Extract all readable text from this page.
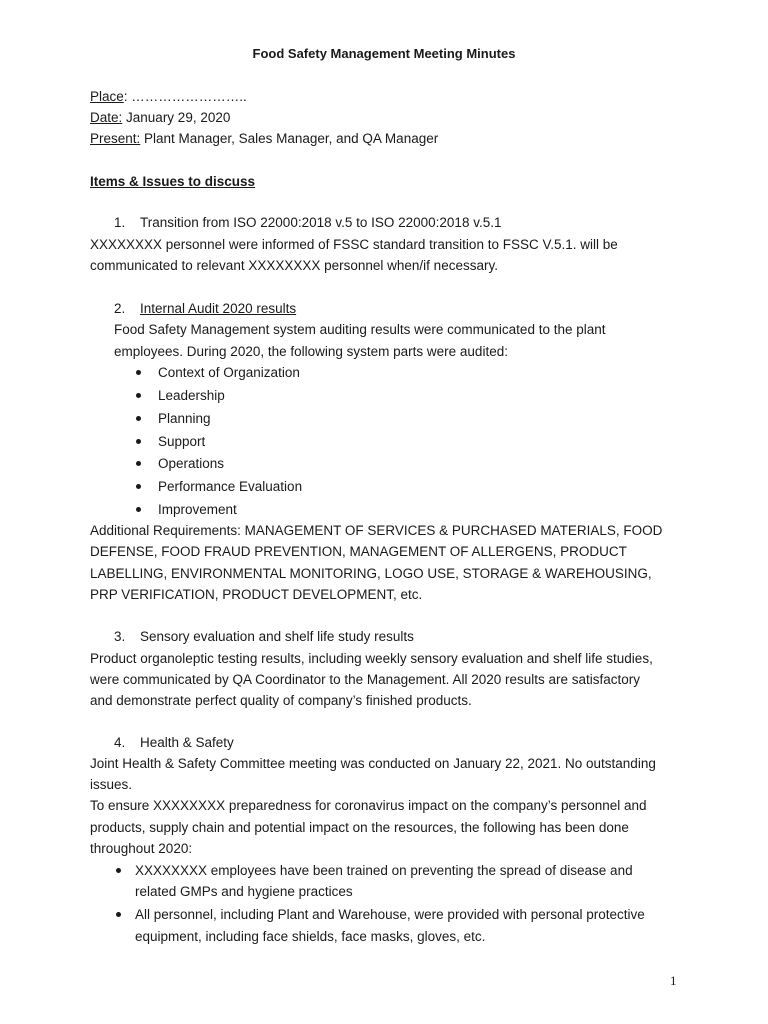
Food Safety Management Meeting Minutes
Place: ……………………..
Date: January 29, 2020
Present: Plant Manager, Sales Manager, and QA Manager
Items & Issues to discuss
1. Transition from ISO 22000:2018 v.5 to ISO 22000:2018 v.5.1
XXXXXXXX personnel were informed of FSSC standard transition to FSSC V.5.1. will be
communicated to relevant XXXXXXXX personnel when/if necessary.
2. Internal Audit 2020 results
Food Safety Management system auditing results were communicated to the plant
employees. During 2020, the following system parts were audited:
Context of Organization
Leadership
Planning
Support
Operations
Performance Evaluation
Improvement
Additional Requirements: MANAGEMENT OF SERVICES & PURCHASED MATERIALS, FOOD
DEFENSE, FOOD FRAUD PREVENTION, MANAGEMENT OF ALLERGENS, PRODUCT
LABELLING, ENVIRONMENTAL MONITORING, LOGO USE, STORAGE & WAREHOUSING,
PRP VERIFICATION, PRODUCT DEVELOPMENT, etc.
3. Sensory evaluation and shelf life study results
Product organoleptic testing results, including weekly sensory evaluation and shelf life studies,
were communicated by QA Coordinator to the Management. All 2020 results are satisfactory
and demonstrate perfect quality of company’s finished products.
4. Health & Safety
Joint Health & Safety Committee meeting was conducted on January 22, 2021. No outstanding
issues.
To ensure XXXXXXXX preparedness for coronavirus impact on the company’s personnel and
products, supply chain and potential impact on the resources, the following has been done
throughout 2020:
XXXXXXXX employees have been trained on preventing the spread of disease and
related GMPs and hygiene practices
All personnel, including Plant and Warehouse, were provided with personal protective
equipment, including face shields, face masks, gloves, etc.
1
